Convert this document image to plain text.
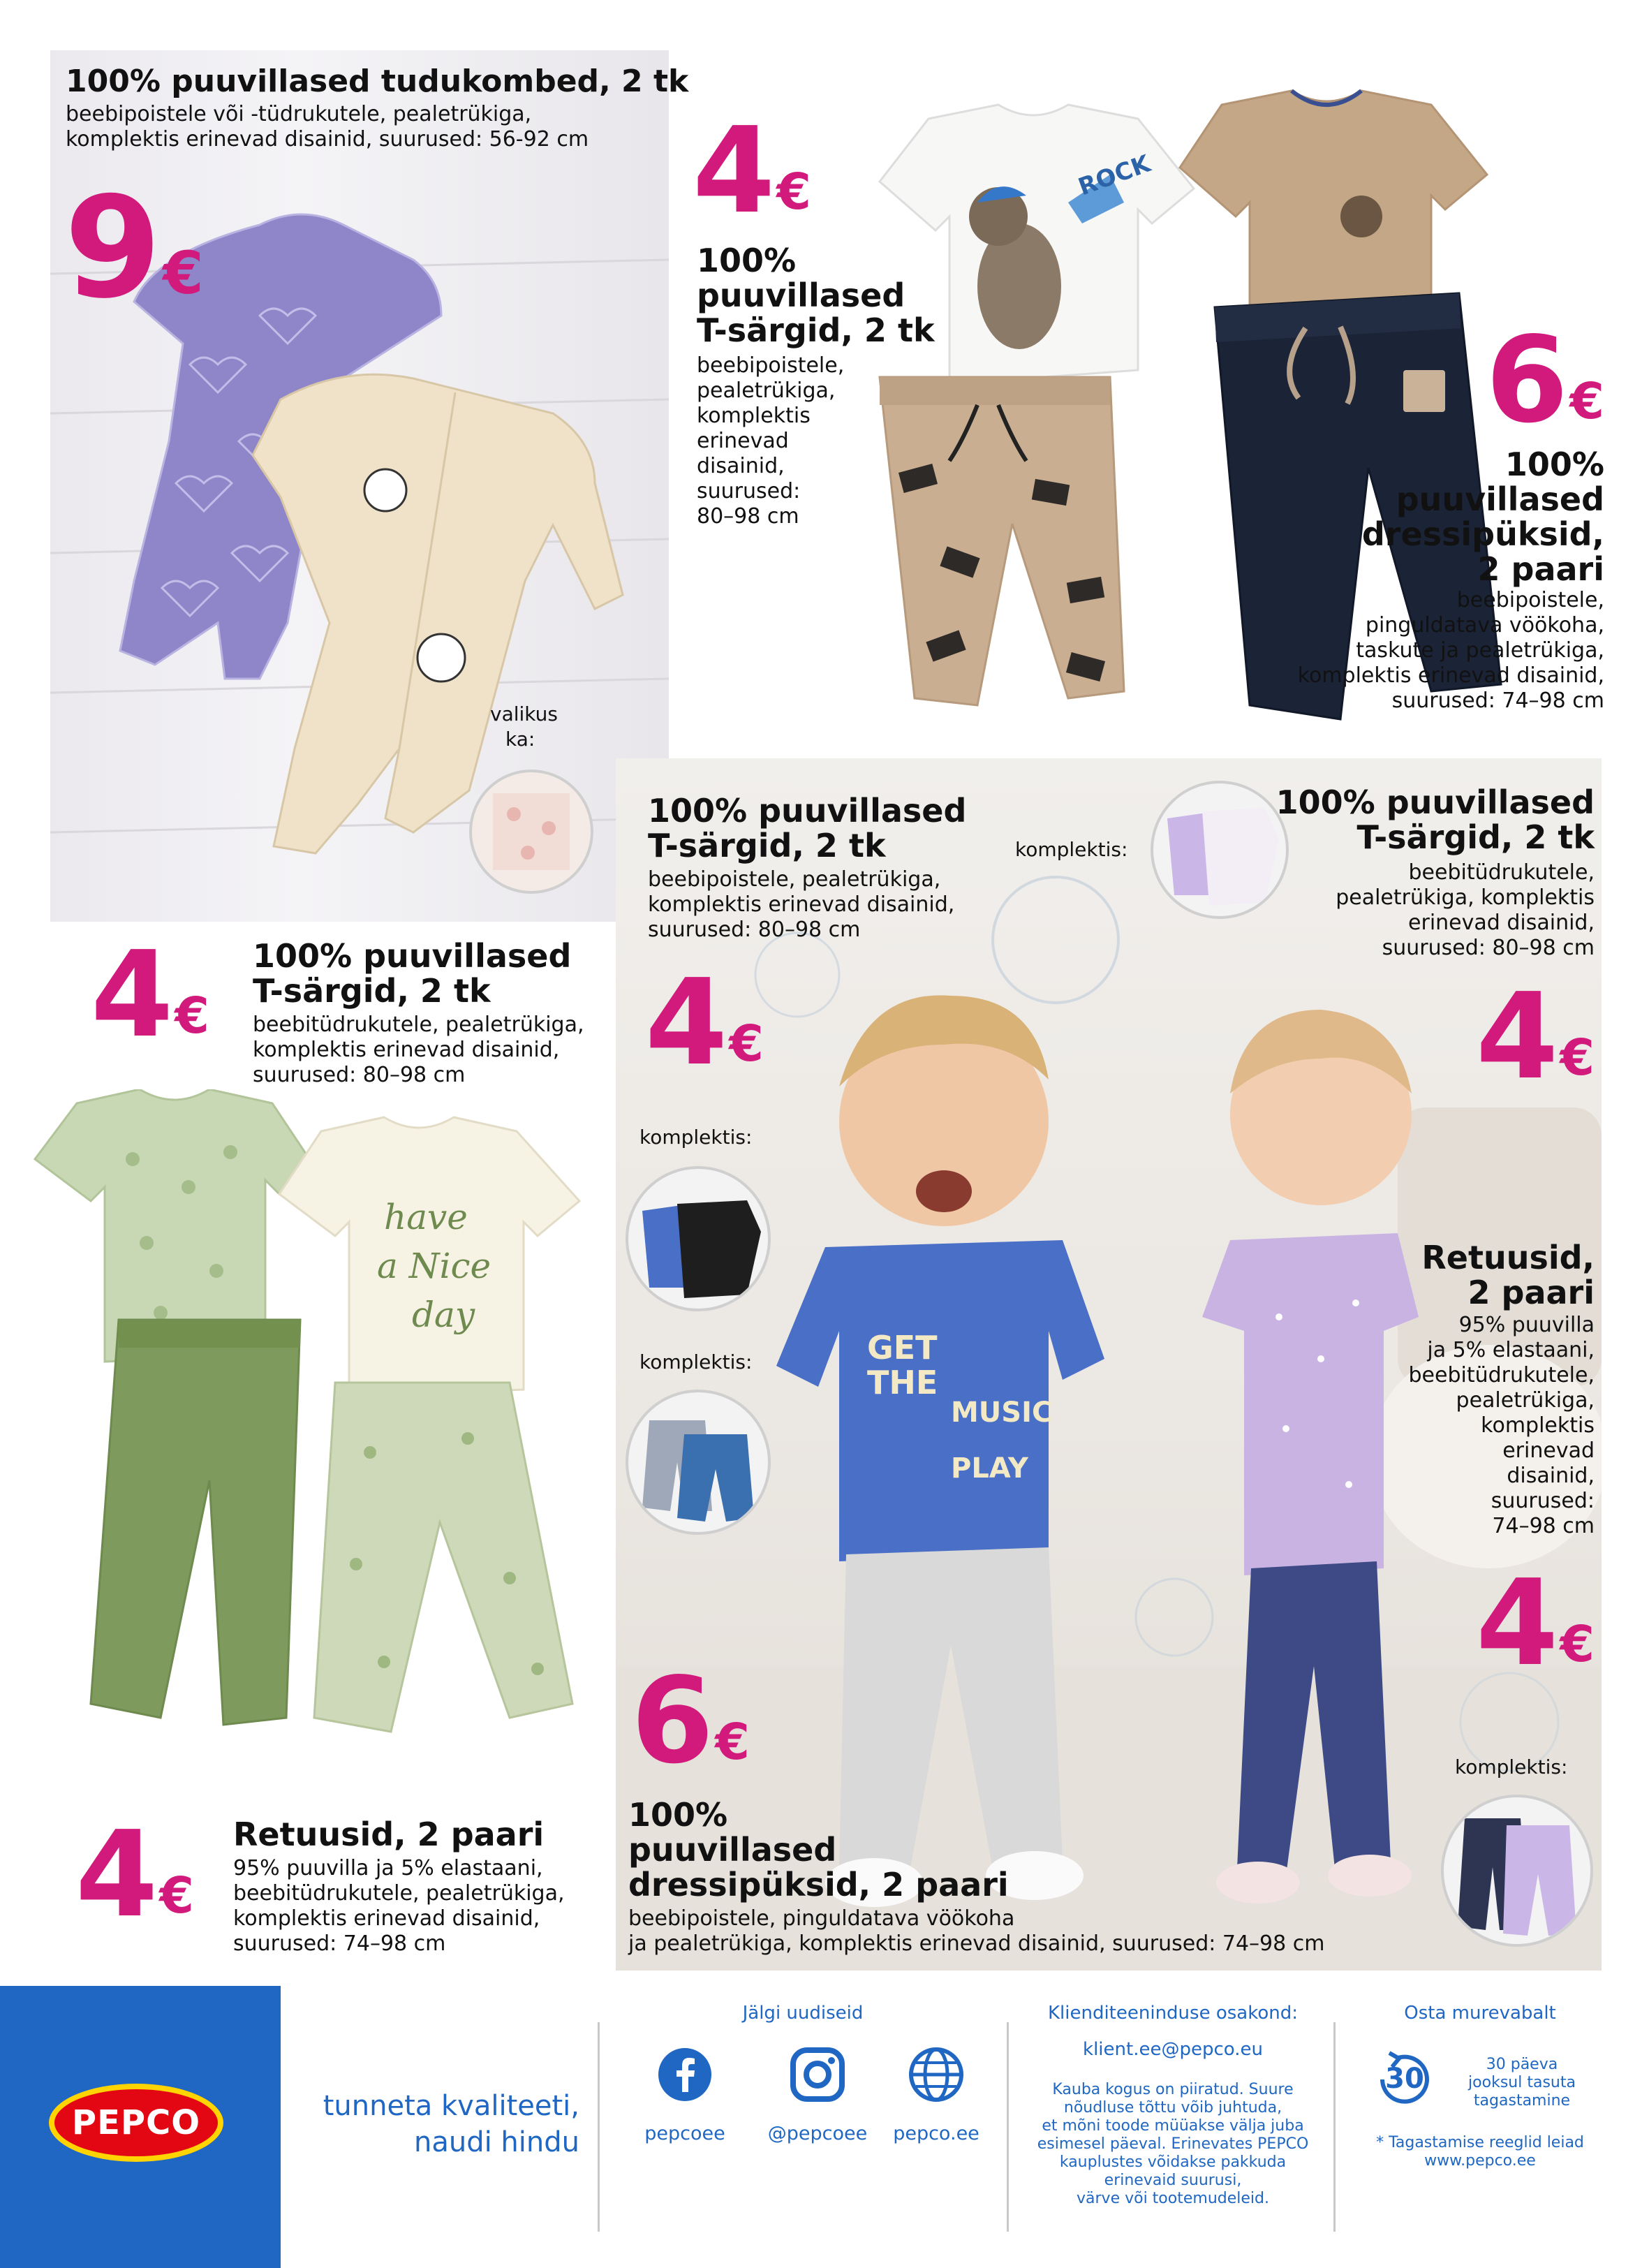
valikus
ka:
100% puuvillased tudukombed, 2 tk
beebipoistele või -tüdrukutele, pealetrükiga,
komplektis erinevad disainid, suurused: 56-92 cm
9€
4 €
100%
puuvillased
T-särgid, 2 tk
beebipoistele,
pealetrükiga,
komplektis
erinevad
disainid,
suurused:
80–98 cm
ROCK
6 €
100%
puuvillased
dressipüksid,
2 paari
beebipoistele,
pinguldatava vöökoha,
taskute ja pealetrükiga,
komplektis erinevad disainid,
suurused: 74–98 cm
4 €
100% puuvillased
T-särgid, 2 tk
beebitüdrukutele, pealetrükiga,
komplektis erinevad disainid,
suurused: 80–98 cm
have
a Nice
day
4 €
Retuusid, 2 paari
95% puuvilla ja 5% elastaani,
beebitüdrukutele, pealetrükiga,
komplektis erinevad disainid,
suurused: 74–98 cm
GET
THE
MUSIC
PLAY
100% puuvillased
T-särgid, 2 tk
beebipoistele, pealetrükiga,
komplektis erinevad disainid,
suurused: 80–98 cm
4 €
komplektis:
komplektis:
komplektis:
100% puuvillased
T-särgid, 2 tk
beebitüdrukutele,
pealetrükiga, komplektis
erinevad disainid,
suurused: 80–98 cm
4 €
Retuusid,
2 paari
95% puuvilla
ja 5% elastaani,
beebitüdrukutele,
pealetrükiga,
komplektis
erinevad
disainid,
suurused:
74–98 cm
4 €
komplektis:
6 €
100%
puuvillased
dressipüksid, 2 paari
beebipoistele, pinguldatava vöökoha
ja pealetrükiga, komplektis erinevad disainid, suurused: 74–98 cm
PEPCO	tunneta kvaliteeti,
naudi hindu
Jälgi uudiseid
pepcoee	@pepcoee	pepco.ee
Klienditeeninduse osakond:
klient.ee@pepco.eu
Kauba kogus on piiratud. Suure
nõudluse tõttu võib juhtuda,
et mõni toode müüakse välja juba
esimesel päeval. Erinevates PEPCO
kauplustes võidakse pakkuda
erinevaid suurusi,
värve või tootemudeleid.
Osta murevabalt
30	30 päeva
jooksul tasuta
tagastamine
* Tagastamise reeglid leiad
www.pepco.ee
